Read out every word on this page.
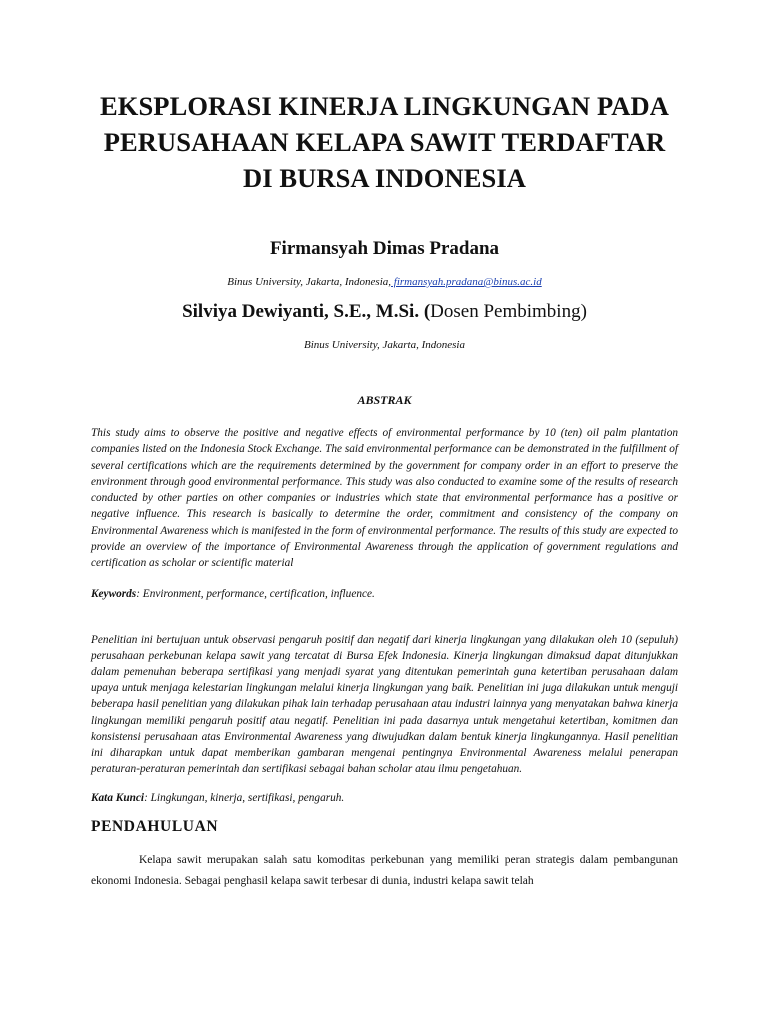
EKSPLORASI KINERJA LINGKUNGAN PADA
PERUSAHAAN KELAPA SAWIT TERDAFTAR
DI BURSA INDONESIA

Firmansyah Dimas Pradana

Binus University, Jakarta, Indonesia, firmansyah.pradana@binus.ac.id

Silviya Dewiyanti, S.E., M.Si. (Dosen Pembimbing)

Binus University, Jakarta, Indonesia

ABSTRAK

This study aims to observe the positive and negative effects of environmental performance by 10 (ten) oil palm plantation companies listed on the Indonesia Stock Exchange. The said environmental performance can be demonstrated in the fulfillment of several certifications which are the requirements determined by the government for company order in an effort to preserve the environment through good environmental performance. This study was also conducted to examine some of the results of research conducted by other parties on other companies or industries which state that environmental performance has a positive or negative influence. This research is basically to determine the order, commitment and consistency of the company on Environmental Awareness which is manifested in the form of environmental performance. The results of this study are expected to provide an overview of the importance of Environmental Awareness through the application of government regulations and certification as scholar or scientific material

Keywords: Environment, performance, certification, influence.

Penelitian ini bertujuan untuk observasi pengaruh positif dan negatif dari kinerja lingkungan yang dilakukan oleh 10 (sepuluh) perusahaan perkebunan kelapa sawit yang tercatat di Bursa Efek Indonesia. Kinerja lingkungan dimaksud dapat ditunjukkan dalam pemenuhan beberapa sertifikasi yang menjadi syarat yang ditentukan pemerintah guna ketertiban perusahaan dalam upaya untuk menjaga kelestarian lingkungan melalui kinerja lingkungan yang baik. Penelitian ini juga dilakukan untuk menguji beberapa hasil penelitian yang dilakukan pihak lain terhadap perusahaan atau industri lainnya yang menyatakan bahwa kinerja lingkungan memiliki pengaruh positif atau negatif. Penelitian ini pada dasarnya untuk mengetahui ketertiban, komitmen dan konsistensi perusahaan atas Environmental Awareness yang diwujudkan dalam bentuk kinerja lingkungannya. Hasil penelitian ini diharapkan untuk dapat memberikan gambaran mengenai pentingnya Environmental Awareness melalui penerapan peraturan-peraturan pemerintah dan sertifikasi sebagai bahan scholar atau ilmu pengetahuan.

Kata Kunci: Lingkungan, kinerja, sertifikasi, pengaruh.

PENDAHULUAN

Kelapa sawit merupakan salah satu komoditas perkebunan yang memiliki peran strategis dalam pembangunan ekonomi Indonesia. Sebagai penghasil kelapa sawit terbesar di dunia, industri kelapa sawit telah
